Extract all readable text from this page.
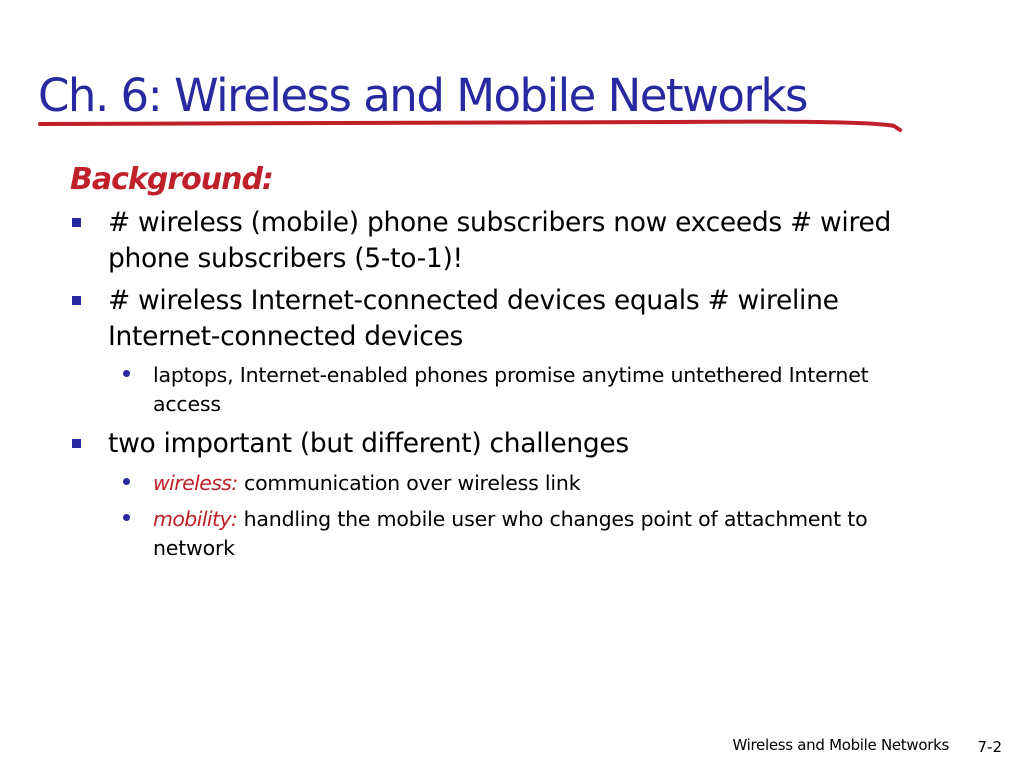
Ch. 6: Wireless and Mobile Networks
Background:
# wireless (mobile) phone subscribers now exceeds # wired phone subscribers (5-to-1)!
# wireless Internet-connected devices equals # wireline Internet-connected devices
laptops, Internet-enabled phones promise anytime untethered Internet access
two important (but different) challenges
wireless: communication over wireless link
mobility: handling the mobile user who changes point of attachment to network
Wireless and Mobile Networks 7-2
